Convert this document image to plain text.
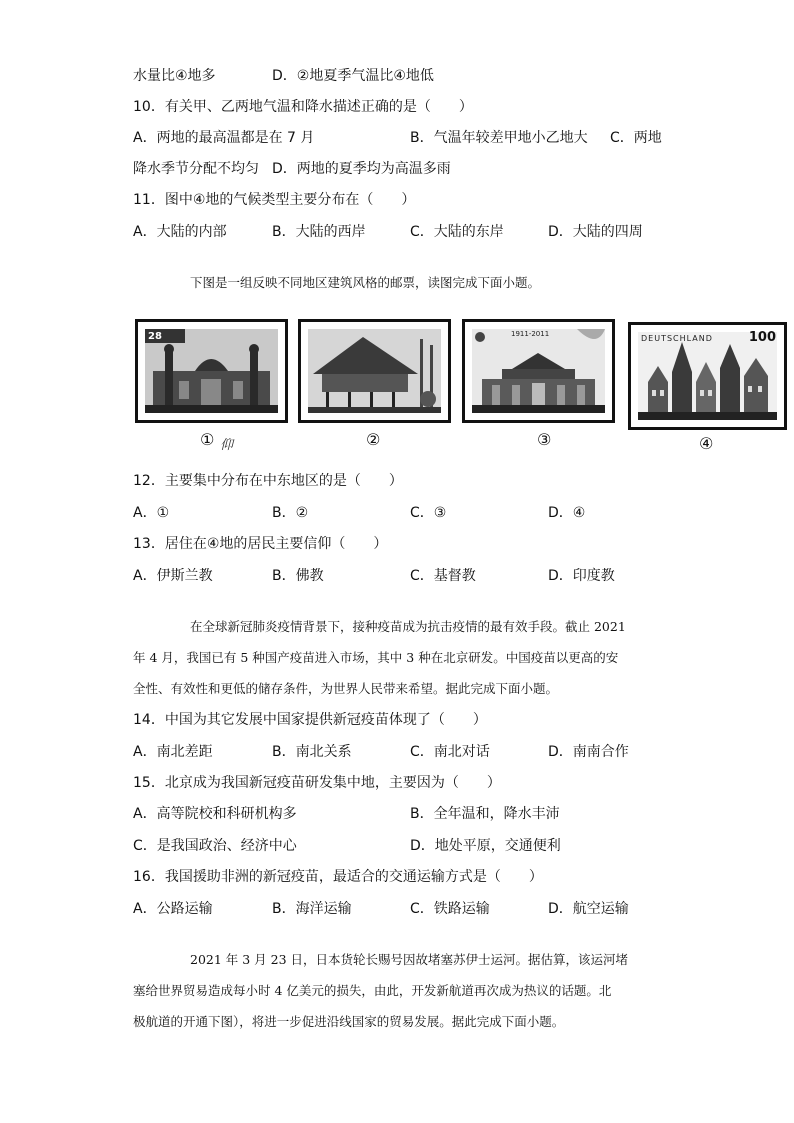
水量比④地多	D．②地夏季气温比④地低
10．有关甲、乙两地气温和降水描述正确的是（　　）
A．两地的最高温都是在 7 月	B．气温年较差甲地小乙地大 C．两地
降水季节分配不均匀 D．两地的夏季均为高温多雨
11．图中④地的气候类型主要分布在（　　）
A．大陆的内部	B．大陆的西岸	C．大陆的东岸	D．大陆的四周
下图是一组反映不同地区建筑风格的邮票，读图完成下面小题。
28	1911-2011	DEUTSCHLAND	100
① 仰	②	③	④
12．主要集中分布在中东地区的是（　　）
A．①	B．②	C．③	D．④
13．居住在④地的居民主要信仰（　　）
A．伊斯兰教	B．佛教	C．基督教	D．印度教
在全球新冠肺炎疫情背景下，接种疫苗成为抗击疫情的最有效手段。截止 2021
年 4 月，我国已有 5 种国产疫苗进入市场，其中 3 种在北京研发。中国疫苗以更高的安
全性、有效性和更低的储存条件，为世界人民带来希望。据此完成下面小题。
14．中国为其它发展中国家提供新冠疫苗体现了（　　）
A．南北差距	B．南北关系	C．南北对话	D．南南合作
15．北京成为我国新冠疫苗研发集中地，主要因为（　　）
A．高等院校和科研机构多	B．全年温和，降水丰沛
C．是我国政治、经济中心	D．地处平原，交通便利
16．我国援助非洲的新冠疫苗，最适合的交通运输方式是（　　）
A．公路运输	B．海洋运输	C．铁路运输	D．航空运输
2021 年 3 月 23 日，日本货轮长赐号因故堵塞苏伊士运河。据估算，该运河堵
塞给世界贸易造成每小时 4 亿美元的损失，由此，开发新航道再次成为热议的话题。北
极航道的开通下图），将进一步促进沿线国家的贸易发展。据此完成下面小题。
